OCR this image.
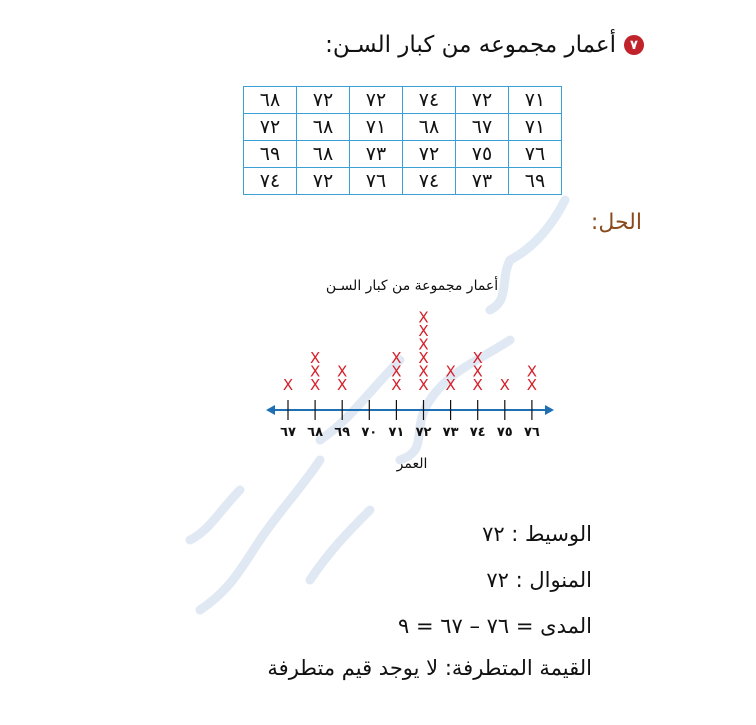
٧
أعمار مجموعه من كبار السـن:
٧١	٧٢	٧٤	٧٢	٧٢	٦٨
٧١	٦٧	٦٨	٧١	٦٨	٧٢
٧٦	٧٥	٧٢	٧٣	٦٨	٦٩
٦٩	٧٣	٧٤	٧٦	٧٢	٧٤
الحل:
أعمار مجموعة من كبار السـن
٦٧
X
٦٨
X
X
X
٦٩
X
X
٧٠ ٧١
X
X
X
٧٢
X
X
X
X
X
X
٧٣
X
X
٧٤
X
X
X
٧٥
X
٧٦
X
X
العمر
الوسيط : ٧٢
المنوال : ٧٢
المدى = ٧٦ – ٦٧ = ٩
القيمة المتطرفة: لا يوجد قيم متطرفة
